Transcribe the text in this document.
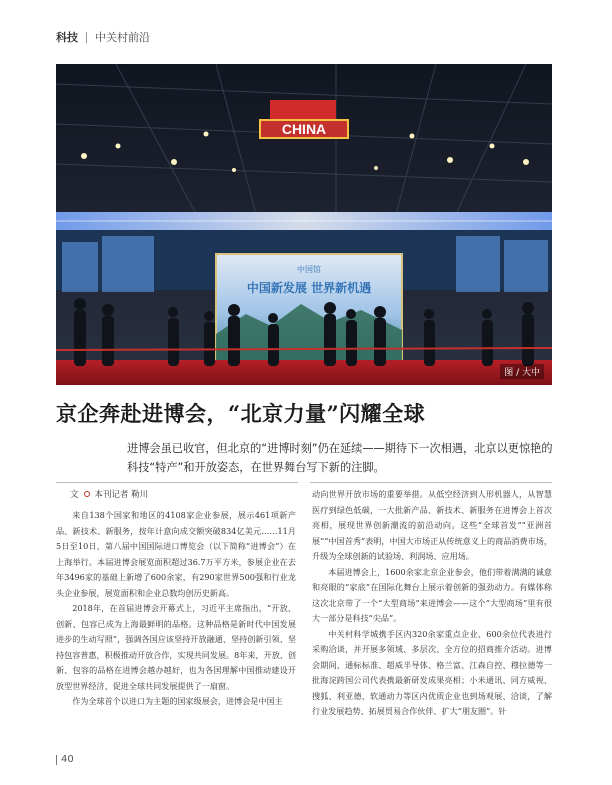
科技 中关村前沿
CHINA
中国馆
中国新发展 世界新机遇
图 / 大中
京企奔赴进博会，“北京力量”闪耀全球

进博会虽已收官，但北京的“进博时刻”仍在延续——期待下一次相遇，北京以更惊艳的科技“特产”和开放姿态，在世界舞台写下新的注脚。

文 本刊记者 勒川

来自138个国家和地区的4108家企业参展，展示461项新产品、新技术、新服务，按年计意向成交额突破834亿美元……11月5日至10日，第八届中国国际进口博览会（以下简称“进博会”）在上海举行。本届进博会展览面积超过36.7万平方米，参展企业在去年3496家的基础上新增了600余家，有290家世界500强和行业龙头企业参展，展览面积和企业总数均创历史新高。

2018年，在首届进博会开幕式上，习近平主席指出，“开放、创新、包容已成为上海最鲜明的品格。这种品格是新时代中国发展进步的生动写照”，强调各国应该坚持开放融通、坚持创新引领、坚持包容普惠，积极推动开放合作，实现共同发展。8年来，开放、创新、包容的品格在进博会越办越好，也为各国理解中国推动建设开放型世界经济、促进全球共同发展提供了一扇窗。

作为全球首个以进口为主题的国家级展会，进博会是中国主

动向世界开放市场的重要举措。从低空经济到人形机器人，从智慧医疗到绿色低碳，一大批新产品、新技术、新服务在进博会上首次亮相，展现世界创新潮流的前沿动向。这些“全球首发”“亚洲首展”“中国首秀”表明，中国大市场正从传统意义上的商品消费市场，升级为全球创新的试验场、利润场、应用场。

本届进博会上，1600余家北京企业参会，他们带着满满的诚意和亮眼的“家底”在国际化舞台上展示着创新的强劲动力。有媒体称这次北京带了一个“大型商场”来进博会——这个“大型商场”里有很大一部分是科技“尖品”。

中关村科学城携手区内320余家重点企业、600余位代表进行采购洽谈，并开展多领域、多层次、全方位的招商推介活动。进博会期间，通标标准、超威半导体、格兰富、江森自控、穆拉德等一批海淀跨国公司代表携最新研发成果亮相；小米通讯、同方威视、搜狐、利亚德、软通动力等区内优质企业也到场观展、洽谈，了解行业发展趋势、拓展贸易合作伙伴、扩大“朋友圈”。针

40
